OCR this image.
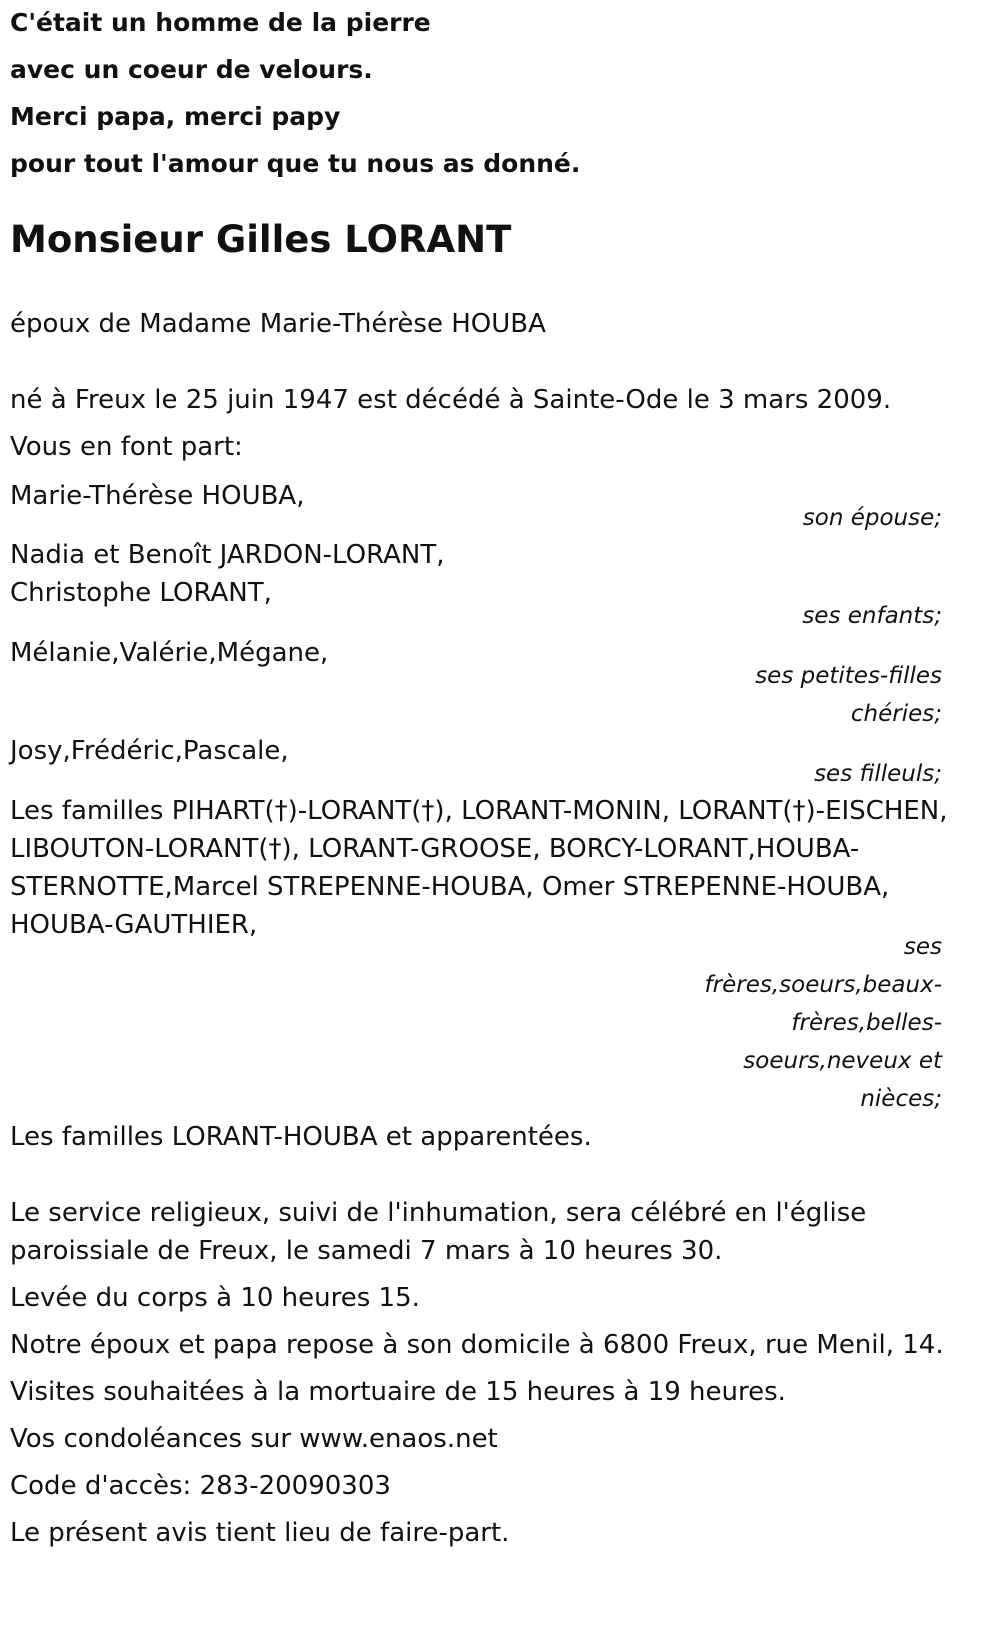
C'était un homme de la pierre

avec un coeur de velours.

Merci papa, merci papy

pour tout l'amour que tu nous as donné.

Monsieur Gilles LORANT

époux de Madame Marie-Thérèse HOUBA

né à Freux le 25 juin 1947 est décédé à Sainte-Ode le 3 mars 2009.

Vous en font part:

Marie-Thérèse HOUBA,

son épouse;

Nadia et Benoît JARDON-LORANT,

Christophe LORANT,

ses enfants;

Mélanie,Valérie,Mégane,

ses petites-filles
chéries;

Josy,Frédéric,Pascale,

ses filleuls;

Les familles PIHART(†)-LORANT(†), LORANT-MONIN, LORANT(†)-EISCHEN,

LIBOUTON-LORANT(†), LORANT-GROOSE, BORCY-LORANT,HOUBA-

STERNOTTE,Marcel STREPENNE-HOUBA, Omer STREPENNE-HOUBA,

HOUBA-GAUTHIER,

ses
frères,soeurs,beaux-
frères,belles-
soeurs,neveux et
nièces;

Les familles LORANT-HOUBA et apparentées.

Le service religieux, suivi de l'inhumation, sera célébré en l'église

paroissiale de Freux, le samedi 7 mars à 10 heures 30.

Levée du corps à 10 heures 15.

Notre époux et papa repose à son domicile à 6800 Freux, rue Menil, 14.

Visites souhaitées à la mortuaire de 15 heures à 19 heures.

Vos condoléances sur www.enaos.net

Code d'accès: 283-20090303

Le présent avis tient lieu de faire-part.
